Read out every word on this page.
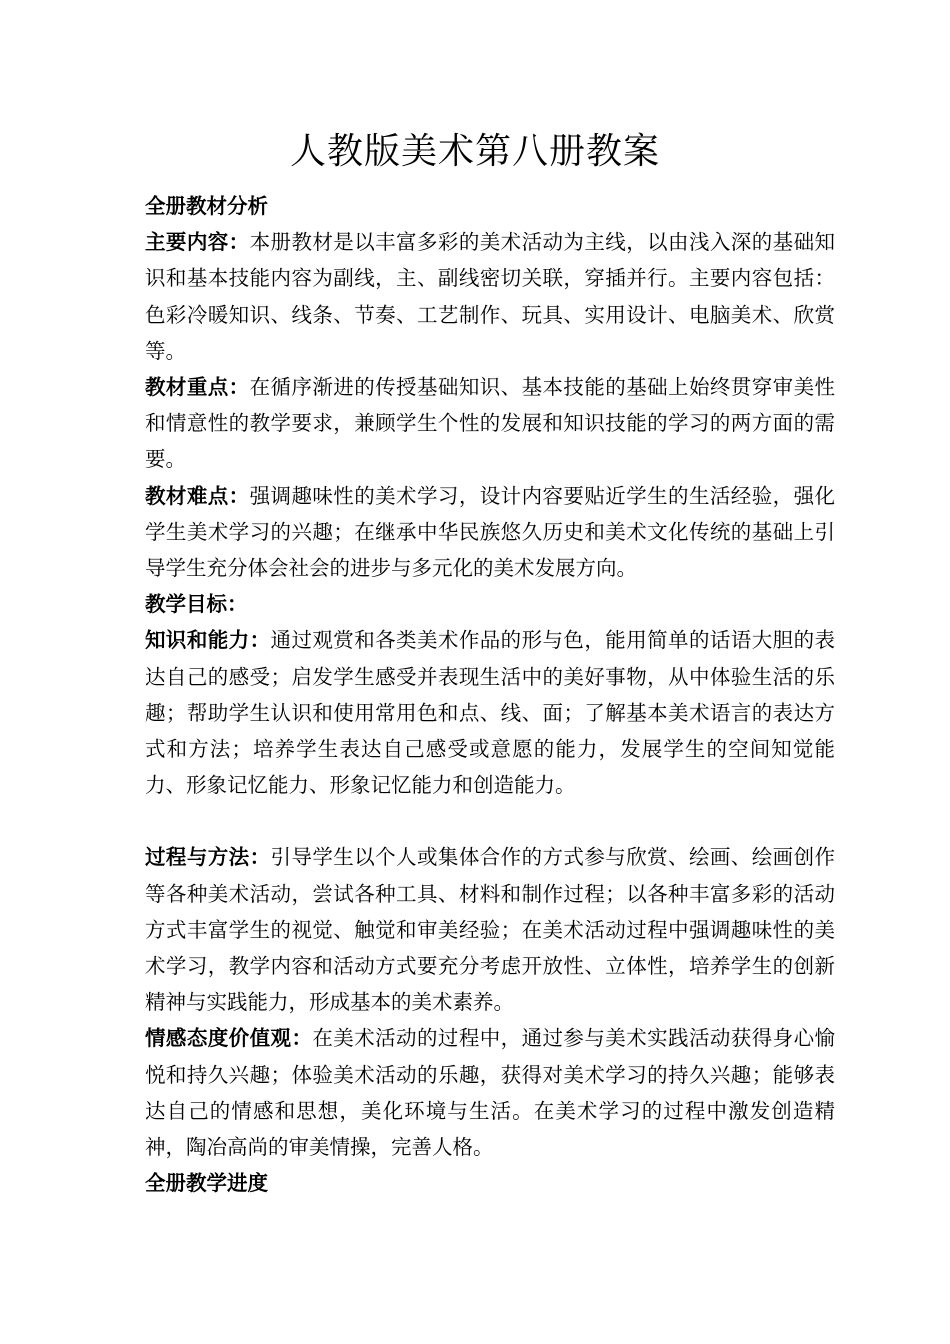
人教版美术第八册教案

全册教材分析

主要内容：本册教材是以丰富多彩的美术活动为主线，以由浅入深的基础知识和基本技能内容为副线，主、副线密切关联，穿插并行。主要内容包括：色彩冷暖知识、线条、节奏、工艺制作、玩具、实用设计、电脑美术、欣赏等。

教材重点：在循序渐进的传授基础知识、基本技能的基础上始终贯穿审美性和情意性的教学要求，兼顾学生个性的发展和知识技能的学习的两方面的需要。

教材难点：强调趣味性的美术学习，设计内容要贴近学生的生活经验，强化学生美术学习的兴趣；在继承中华民族悠久历史和美术文化传统的基础上引导学生充分体会社会的进步与多元化的美术发展方向。

教学目标：

知识和能力：通过观赏和各类美术作品的形与色，能用简单的话语大胆的表达自己的感受；启发学生感受并表现生活中的美好事物，从中体验生活的乐趣；帮助学生认识和使用常用色和点、线、面；了解基本美术语言的表达方式和方法；培养学生表达自己感受或意愿的能力，发展学生的空间知觉能力、形象记忆能力、形象记忆能力和创造能力。

过程与方法：引导学生以个人或集体合作的方式参与欣赏、绘画、绘画创作等各种美术活动，尝试各种工具、材料和制作过程；以各种丰富多彩的活动方式丰富学生的视觉、触觉和审美经验；在美术活动过程中强调趣味性的美术学习，教学内容和活动方式要充分考虑开放性、立体性，培养学生的创新精神与实践能力，形成基本的美术素养。

情感态度价值观：在美术活动的过程中，通过参与美术实践活动获得身心愉悦和持久兴趣；体验美术活动的乐趣，获得对美术学习的持久兴趣；能够表达自己的情感和思想，美化环境与生活。在美术学习的过程中激发创造精神，陶冶高尚的审美情操，完善人格。

全册教学进度
